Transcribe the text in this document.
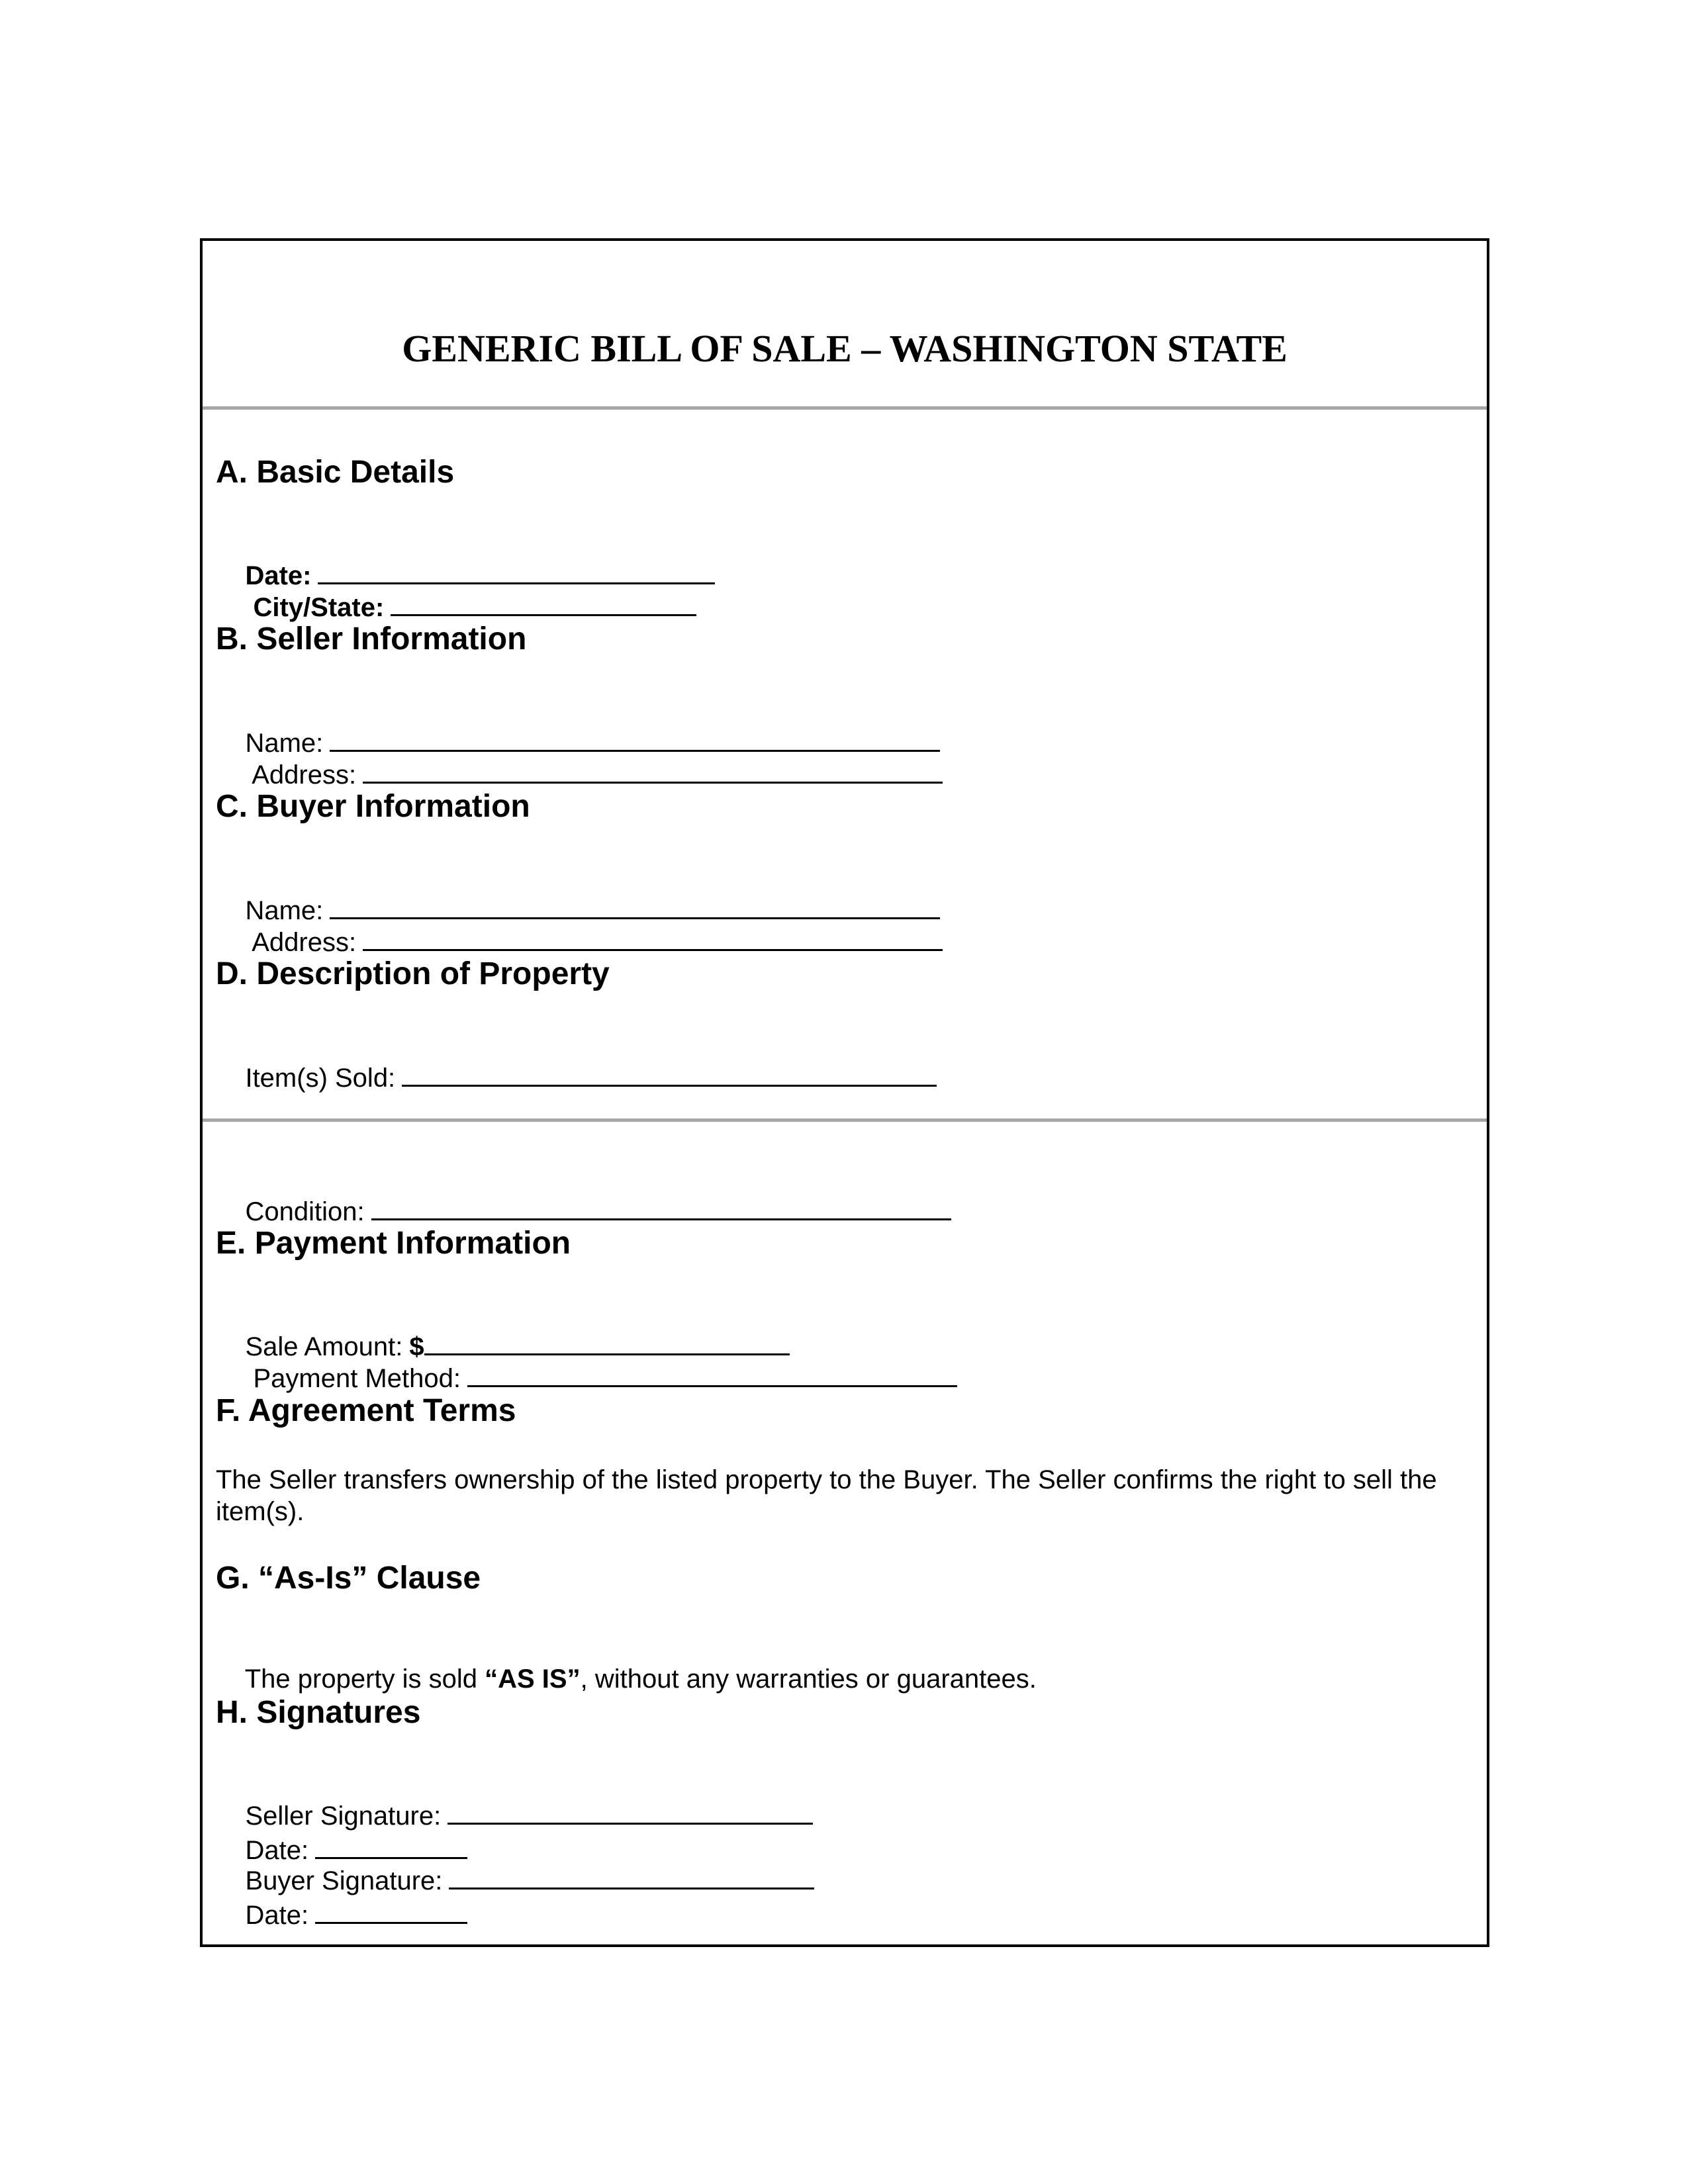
GENERIC BILL OF SALE – WASHINGTON STATE
A. Basic Details

Date:

City/State:

B. Seller Information

Name:

Address:

C. Buyer Information

Name:

Address:

D. Description of Property

Item(s) Sold:

Condition:

E. Payment Information

Sale Amount: $

Payment Method:

F. Agreement Terms
The Seller transfers ownership of the listed property to the Buyer. The Seller confirms the right to sell the item(s).
G. “As-Is” Clause

The property is sold “AS IS”, without any warranties or guarantees.

H. Signatures

Seller Signature:
Date:

Buyer Signature:
Date:
